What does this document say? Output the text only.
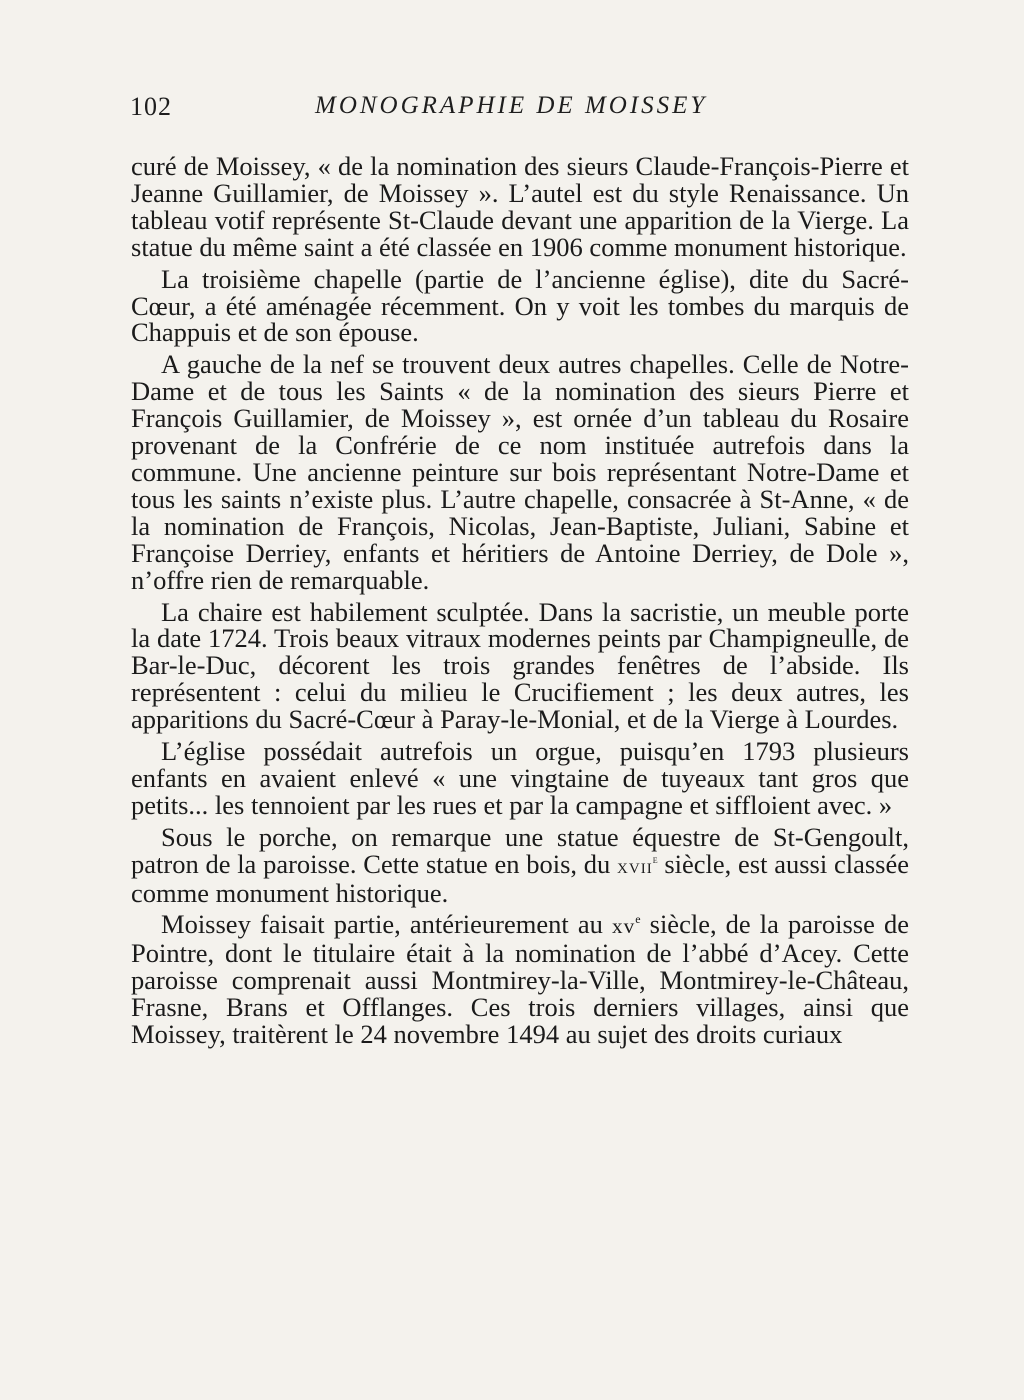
102	MONOGRAPHIE DE MOISSEY

curé de Moissey, « de la nomination des sieurs Claude-François-Pierre et Jeanne Guillamier, de Moissey ». L’autel est du style Renaissance. Un tableau votif représente St-Claude devant une apparition de la Vierge. La statue du même saint a été classée en 1906 comme monument historique.

La troisième chapelle (partie de l’ancienne église), dite du Sacré-Cœur, a été aménagée récemment. On y voit les tombes du marquis de Chappuis et de son épouse.

A gauche de la nef se trouvent deux autres chapelles. Celle de Notre-Dame et de tous les Saints « de la nomination des sieurs Pierre et François Guillamier, de Moissey », est ornée d’un tableau du Rosaire provenant de la Confrérie de ce nom instituée autrefois dans la commune. Une ancienne peinture sur bois représentant Notre-Dame et tous les saints n’existe plus. L’autre chapelle, consacrée à St-Anne, « de la nomination de François, Nicolas, Jean-Baptiste, Juliani, Sabine et Françoise Derriey, enfants et héritiers de Antoine Derriey, de Dole », n’offre rien de remarquable.

La chaire est habilement sculptée. Dans la sacristie, un meuble porte la date 1724. Trois beaux vitraux modernes peints par Champigneulle, de Bar-le-Duc, décorent les trois grandes fenêtres de l’abside. Ils représentent : celui du milieu le Crucifiement ; les deux autres, les apparitions du Sacré-Cœur à Paray-le-Monial, et de la Vierge à Lourdes.

L’église possédait autrefois un orgue, puisqu’en 1793 plusieurs enfants en avaient enlevé « une vingtaine de tuyeaux tant gros que petits... les tennoient par les rues et par la campagne et siffloient avec. »

Sous le porche, on remarque une statue équestre de St-Gengoult, patron de la paroisse. Cette statue en bois, du xvii$^e$ siècle, est aussi classée comme monument historique.

Moissey faisait partie, antérieurement au $xv^e$ siècle, de la paroisse de Pointre, dont le titulaire était à la nomination de l’abbé d’Acey. Cette paroisse comprenait aussi Montmirey-la-Ville, Montmirey-le-Château, Frasne, Brans et Offlanges. Ces trois derniers villages, ainsi que Moissey, traitèrent le 24 novembre 1494 au sujet des droits curiaux
